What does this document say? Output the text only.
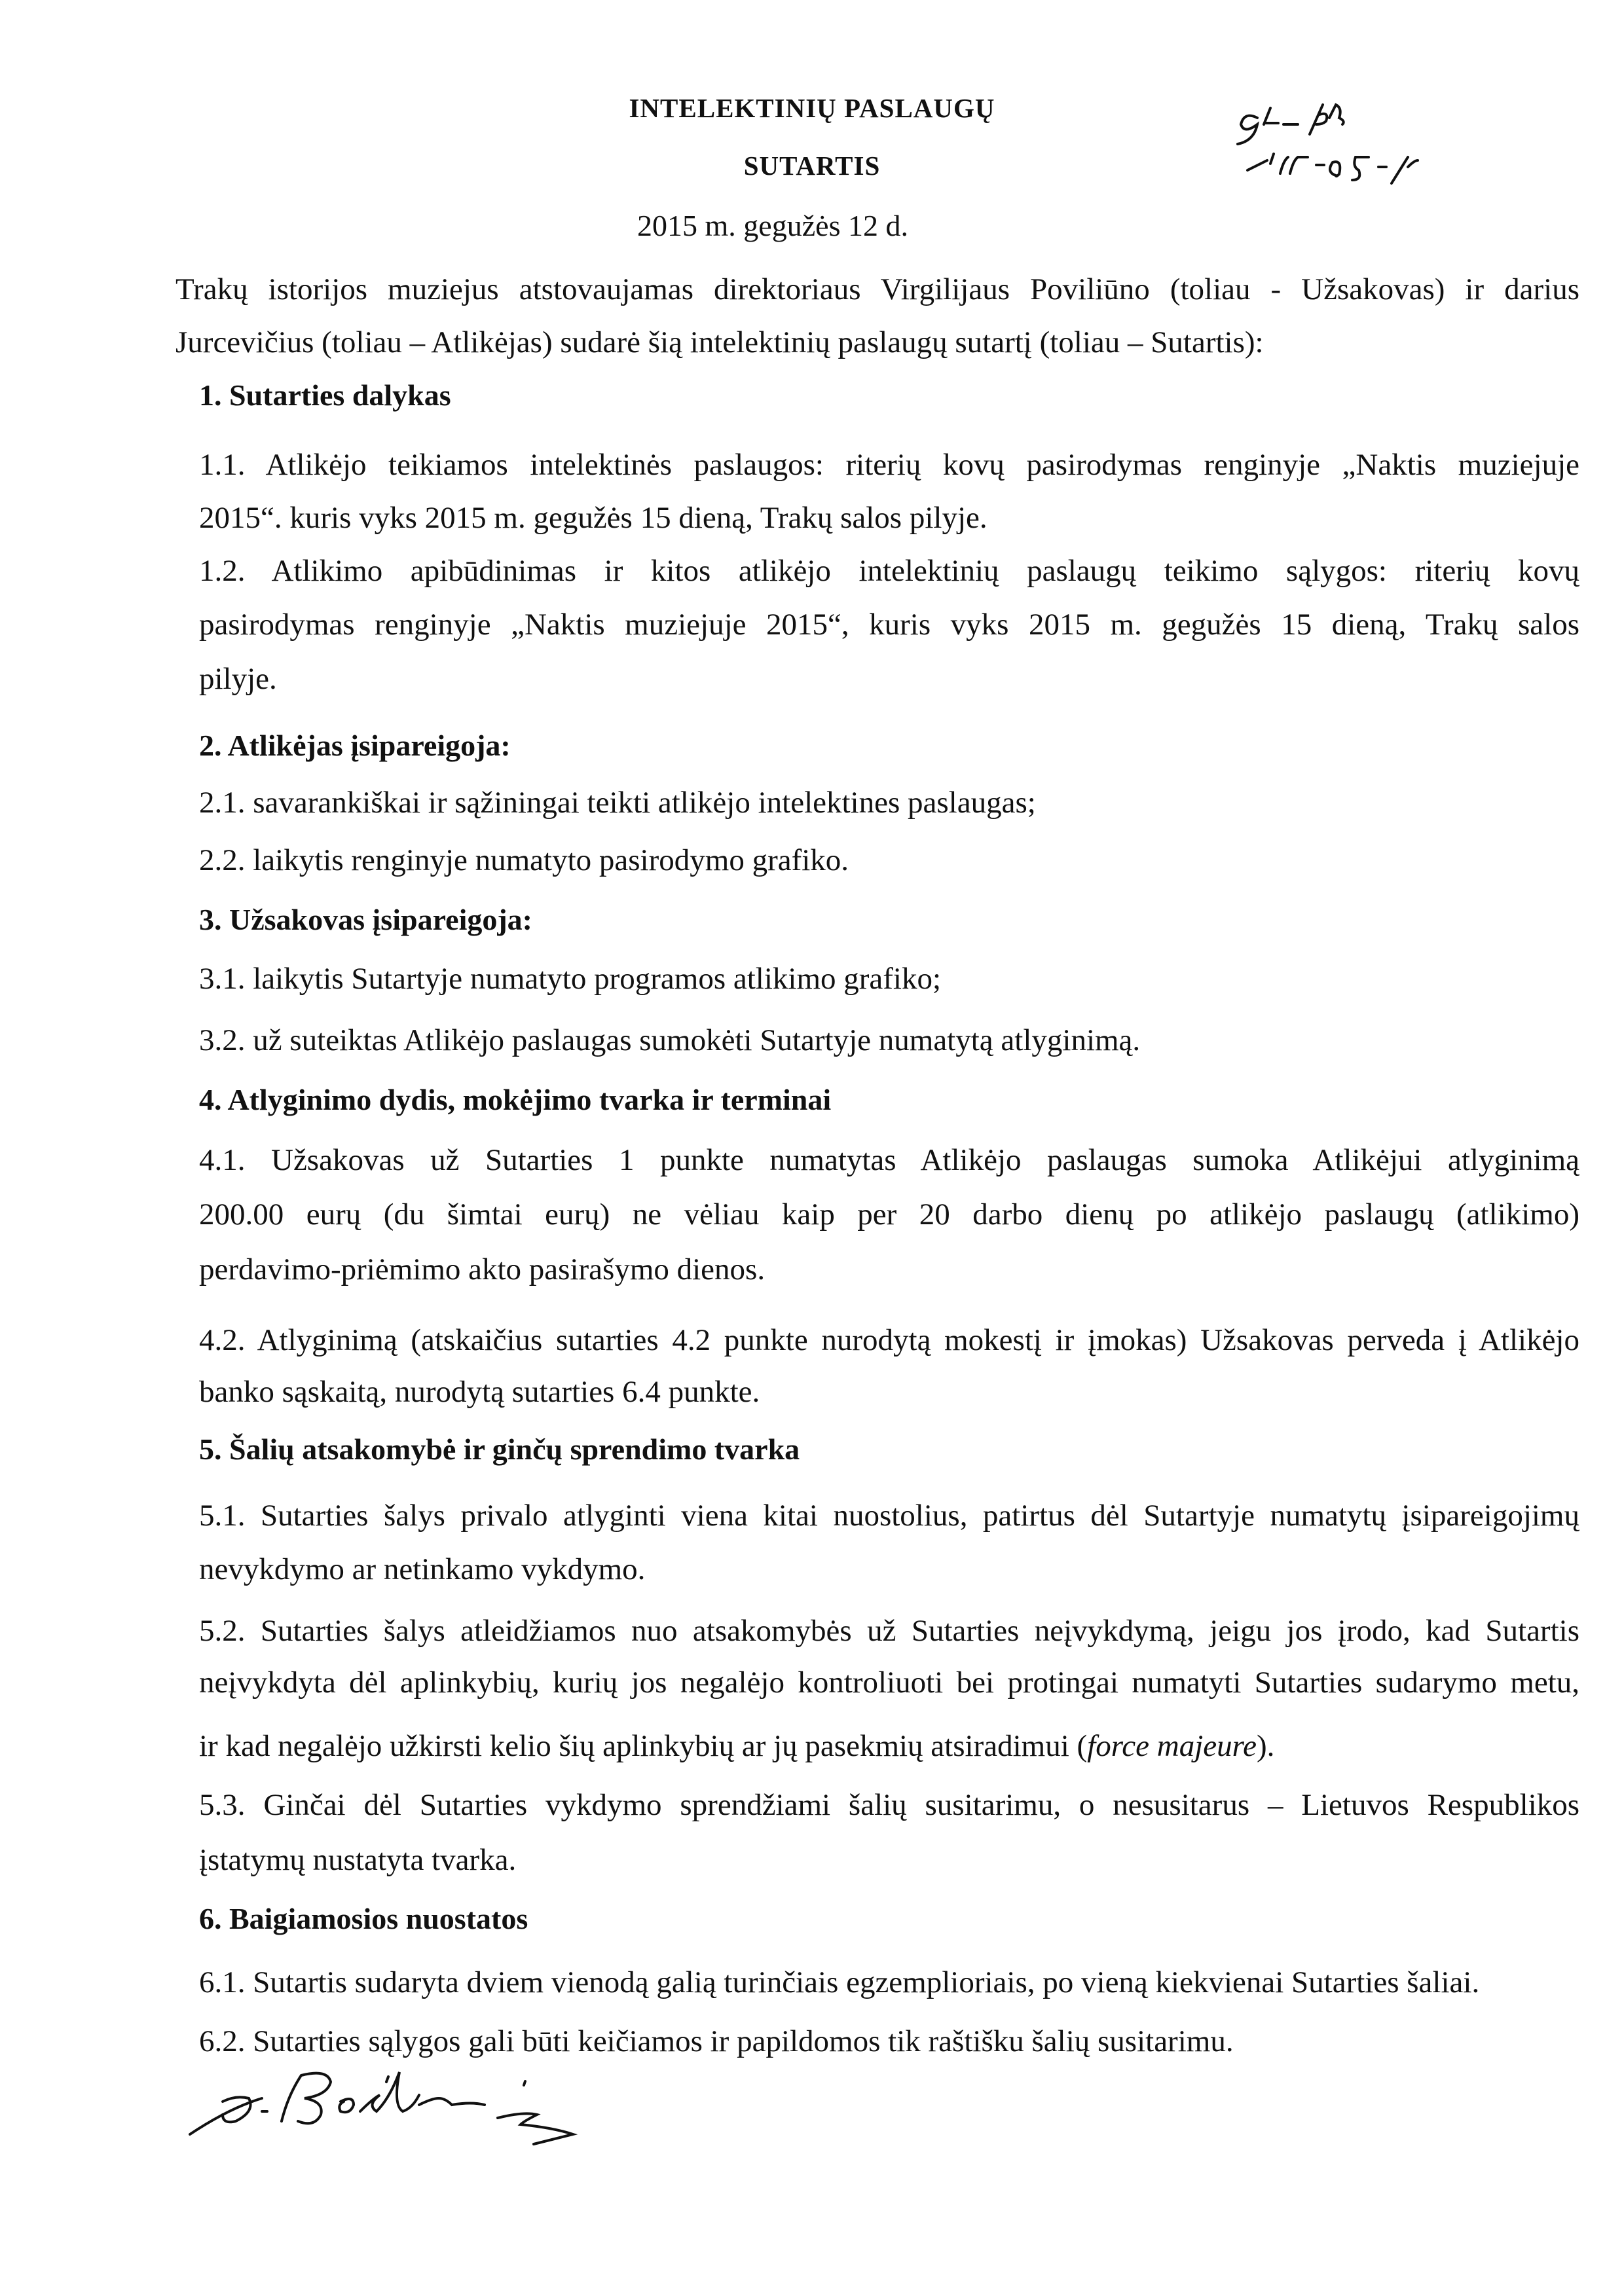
INTELEKTINIŲ PASLAUGŲ
SUTARTIS
2015 m. gegužės 12 d.
Trakų istorijos muziejus atstovaujamas direktoriaus Virgilijaus Poviliūno (toliau - Užsakovas) ir darius
Jurcevičius (toliau – Atlikėjas) sudarė šią intelektinių paslaugų sutartį (toliau – Sutartis):
1. Sutarties dalykas
1.1. Atlikėjo teikiamos intelektinės paslaugos: riterių kovų pasirodymas renginyje „Naktis muziejuje
2015“. kuris vyks 2015 m. gegužės 15 dieną, Trakų salos pilyje.
1.2. Atlikimo apibūdinimas ir kitos atlikėjo intelektinių paslaugų teikimo sąlygos: riterių kovų
pasirodymas renginyje „Naktis muziejuje 2015“, kuris vyks 2015 m. gegužės 15 dieną, Trakų salos
pilyje.
2. Atlikėjas įsipareigoja:
2.1. savarankiškai ir sąžiningai teikti atlikėjo intelektines paslaugas;
2.2. laikytis renginyje numatyto pasirodymo grafiko.
3. Užsakovas įsipareigoja:
3.1. laikytis Sutartyje numatyto programos atlikimo grafiko;
3.2. už suteiktas Atlikėjo paslaugas sumokėti Sutartyje numatytą atlyginimą.
4. Atlyginimo dydis, mokėjimo tvarka ir terminai
4.1. Užsakovas už Sutarties 1 punkte numatytas Atlikėjo paslaugas sumoka Atlikėjui atlyginimą
200.00 eurų (du šimtai eurų) ne vėliau kaip per 20 darbo dienų po atlikėjo paslaugų (atlikimo)
perdavimo-priėmimo akto pasirašymo dienos.
4.2. Atlyginimą (atskaičius sutarties 4.2 punkte nurodytą mokestį ir įmokas) Užsakovas perveda į Atlikėjo
banko sąskaitą, nurodytą sutarties 6.4 punkte.
5. Šalių atsakomybė ir ginčų sprendimo tvarka
5.1. Sutarties šalys privalo atlyginti viena kitai nuostolius, patirtus dėl Sutartyje numatytų įsipareigojimų
nevykdymo ar netinkamo vykdymo.
5.2. Sutarties šalys atleidžiamos nuo atsakomybės už Sutarties neįvykdymą, jeigu jos įrodo, kad Sutartis
neįvykdyta dėl aplinkybių, kurių jos negalėjo kontroliuoti bei protingai numatyti Sutarties sudarymo metu,
ir kad negalėjo užkirsti kelio šių aplinkybių ar jų pasekmių atsiradimui (force majeure).
5.3. Ginčai dėl Sutarties vykdymo sprendžiami šalių susitarimu, o nesusitarus – Lietuvos Respublikos
įstatymų nustatyta tvarka.
6. Baigiamosios nuostatos
6.1. Sutartis sudaryta dviem vienodą galią turinčiais egzemplioriais, po vieną kiekvienai Sutarties šaliai.
6.2. Sutarties sąlygos gali būti keičiamos ir papildomos tik raštišku šalių susitarimu.
